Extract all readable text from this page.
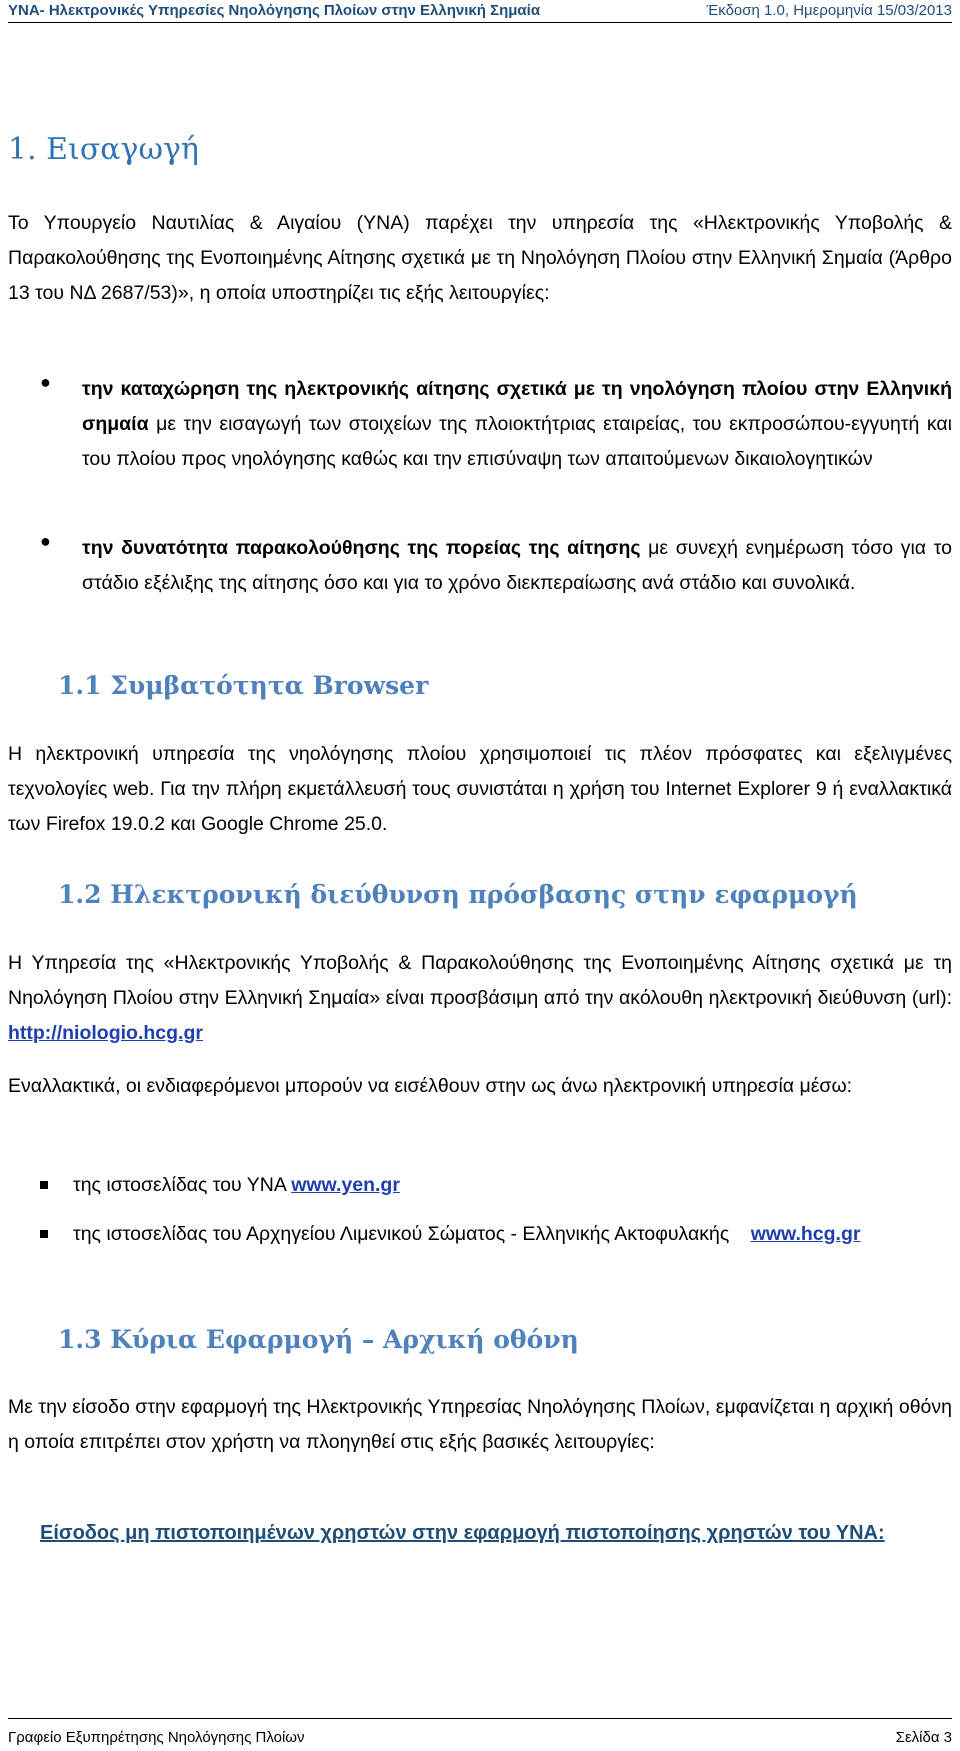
ΥΝΑ- Ηλεκτρονικές Υπηρεσίες Νηολόγησης Πλοίων στην Ελληνική Σημαία	Έκδοση 1.0, Ημερομηνία 15/03/2013
1. Εισαγωγή

Το Υπουργείο Ναυτιλίας & Αιγαίου (ΥΝΑ) παρέχει την υπηρεσία της «Ηλεκτρονικής Υποβολής & Παρακολούθησης της Ενοποιημένης Αίτησης σχετικά με τη Νηολόγηση Πλοίου στην Ελληνική Σημαία (Άρθρο 13 του ΝΔ 2687/53)», η οποία υποστηρίζει τις εξής λειτουργίες:

● την καταχώρηση της ηλεκτρονικής αίτησης σχετικά με τη νηολόγηση πλοίου στην Ελληνική σημαία με την εισαγωγή των στοιχείων της πλοιοκτήτριας εταιρείας, του εκπροσώπου-εγγυητή και του πλοίου προς νηολόγησης καθώς και την επισύναψη των απαιτούμενων δικαιολογητικών
● την δυνατότητα παρακολούθησης της πορείας της αίτησης με συνεχή ενημέρωση τόσο για το στάδιο εξέλιξης της αίτησης όσο και για το χρόνο διεκπεραίωσης ανά στάδιο και συνολικά.
1.1 Συμβατότητα Browser

Η ηλεκτρονική υπηρεσία της νηολόγησης πλοίου χρησιμοποιεί τις πλέον πρόσφατες και εξελιγμένες τεχνολογίες web. Για την πλήρη εκμετάλλευσή τους συνιστάται η χρήση του Internet Explorer 9 ή εναλλακτικά των Firefox 19.0.2 και Google Chrome 25.0.

1.2 Ηλεκτρονική διεύθυνση πρόσβασης στην εφαρμογή

Η Υπηρεσία της «Ηλεκτρονικής Υποβολής & Παρακολούθησης της Ενοποιημένης Αίτησης σχετικά με τη Νηολόγηση Πλοίου στην Ελληνική Σημαία» είναι προσβάσιμη από την ακόλουθη ηλεκτρονική διεύθυνση (url): http://niologio.hcg.gr

Εναλλακτικά, οι ενδιαφερόμενοι μπορούν να εισέλθουν στην ως άνω ηλεκτρονική υπηρεσία μέσω:

της ιστοσελίδας του ΥΝΑ www.yen.gr
της ιστοσελίδας του Αρχηγείου Λιμενικού Σώματος - Ελληνικής Ακτοφυλακής www.hcg.gr
1.3 Κύρια Εφαρμογή – Αρχική οθόνη

Με την είσοδο στην εφαρμογή της Ηλεκτρονικής Υπηρεσίας Νηολόγησης Πλοίων, εμφανίζεται η αρχική οθόνη η οποία επιτρέπει στον χρήστη να πλοηγηθεί στις εξής βασικές λειτουργίες:

Είσοδος μη πιστοποιημένων χρηστών στην εφαρμογή πιστοποίησης χρηστών του ΥΝΑ:
Γραφείο Εξυπηρέτησης Νηολόγησης Πλοίων	Σελίδα 3
